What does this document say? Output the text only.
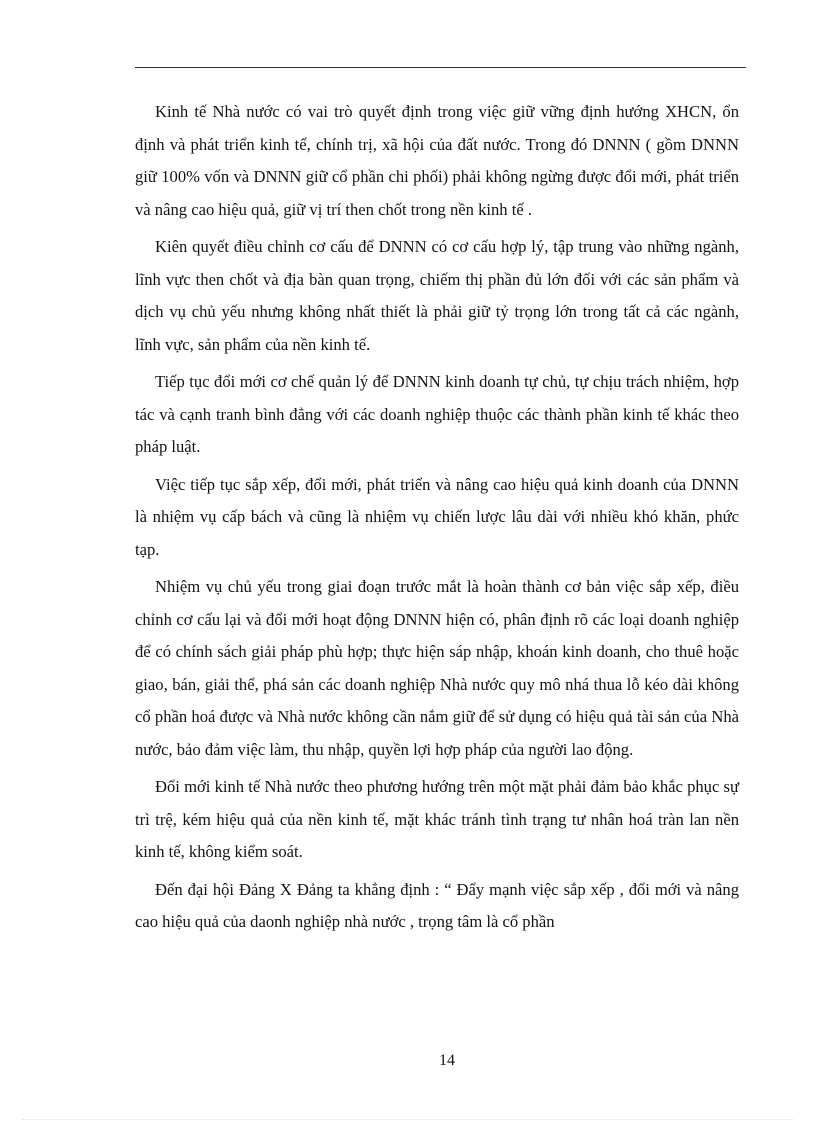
Kinh tế Nhà nước có vai trò quyết định trong việc giữ vững định hướng XHCN, ổn định và phát triển kinh tế, chính trị, xã hội của đất nước. Trong đó DNNN ( gồm DNNN giữ 100% vốn và DNNN giữ cổ phần chi phối) phải không ngừng được đổi mới, phát triển và nâng cao hiệu quả, giữ vị trí then chốt trong nền kinh tế .

Kiên quyết điều chỉnh cơ cấu để DNNN có cơ cấu hợp lý, tập trung vào những ngành, lĩnh vực then chốt và địa bàn quan trọng, chiếm thị phần đủ lớn đối với các sản phẩm và dịch vụ chủ yếu nhưng không nhất thiết là phải giữ tỷ trọng lớn trong tất cả các ngành, lĩnh vực, sản phẩm của nền kinh tế.

Tiếp tục đổi mới cơ chế quản lý để DNNN kinh doanh tự chủ, tự chịu trách nhiệm, hợp tác và cạnh tranh bình đẳng với các doanh nghiệp thuộc các thành phần kinh tế khác theo pháp luật.

Việc tiếp tục sắp xếp, đổi mới, phát triển và nâng cao hiệu quả kinh doanh của DNNN là nhiệm vụ cấp bách và cũng là nhiệm vụ chiến lược lâu dài với nhiều khó khăn, phức tạp.

Nhiệm vụ chủ yếu trong giai đoạn trước mắt là hoàn thành cơ bản việc sắp xếp, điều chỉnh cơ cấu lại và đổi mới hoạt động DNNN hiện có, phân định rõ các loại doanh nghiệp để có chính sách giải pháp phù hợp; thực hiện sáp nhập, khoán kinh doanh, cho thuê hoặc giao, bán, giải thể, phá sản các doanh nghiệp Nhà nước quy mô nhá thua lỗ kéo dài không cổ phần hoá được và Nhà nước không cần nắm giữ để sử dụng có hiệu quả tài sản của Nhà nước, bảo đảm việc làm, thu nhập, quyền lợi hợp pháp của người lao động.

Đổi mới kinh tế Nhà nước theo phương hướng trên một mặt phải đảm bảo khắc phục sự trì trệ, kém hiệu quả của nền kinh tế, mặt khác tránh tình trạng tư nhân hoá tràn lan nền kinh tế, không kiểm soát.

Đến đại hội Đảng X Đảng ta khẳng định : “ Đẩy mạnh việc sắp xếp , đổi mới và nâng cao hiệu quả của daonh nghiệp nhà nước , trọng tâm là cổ phần

14
